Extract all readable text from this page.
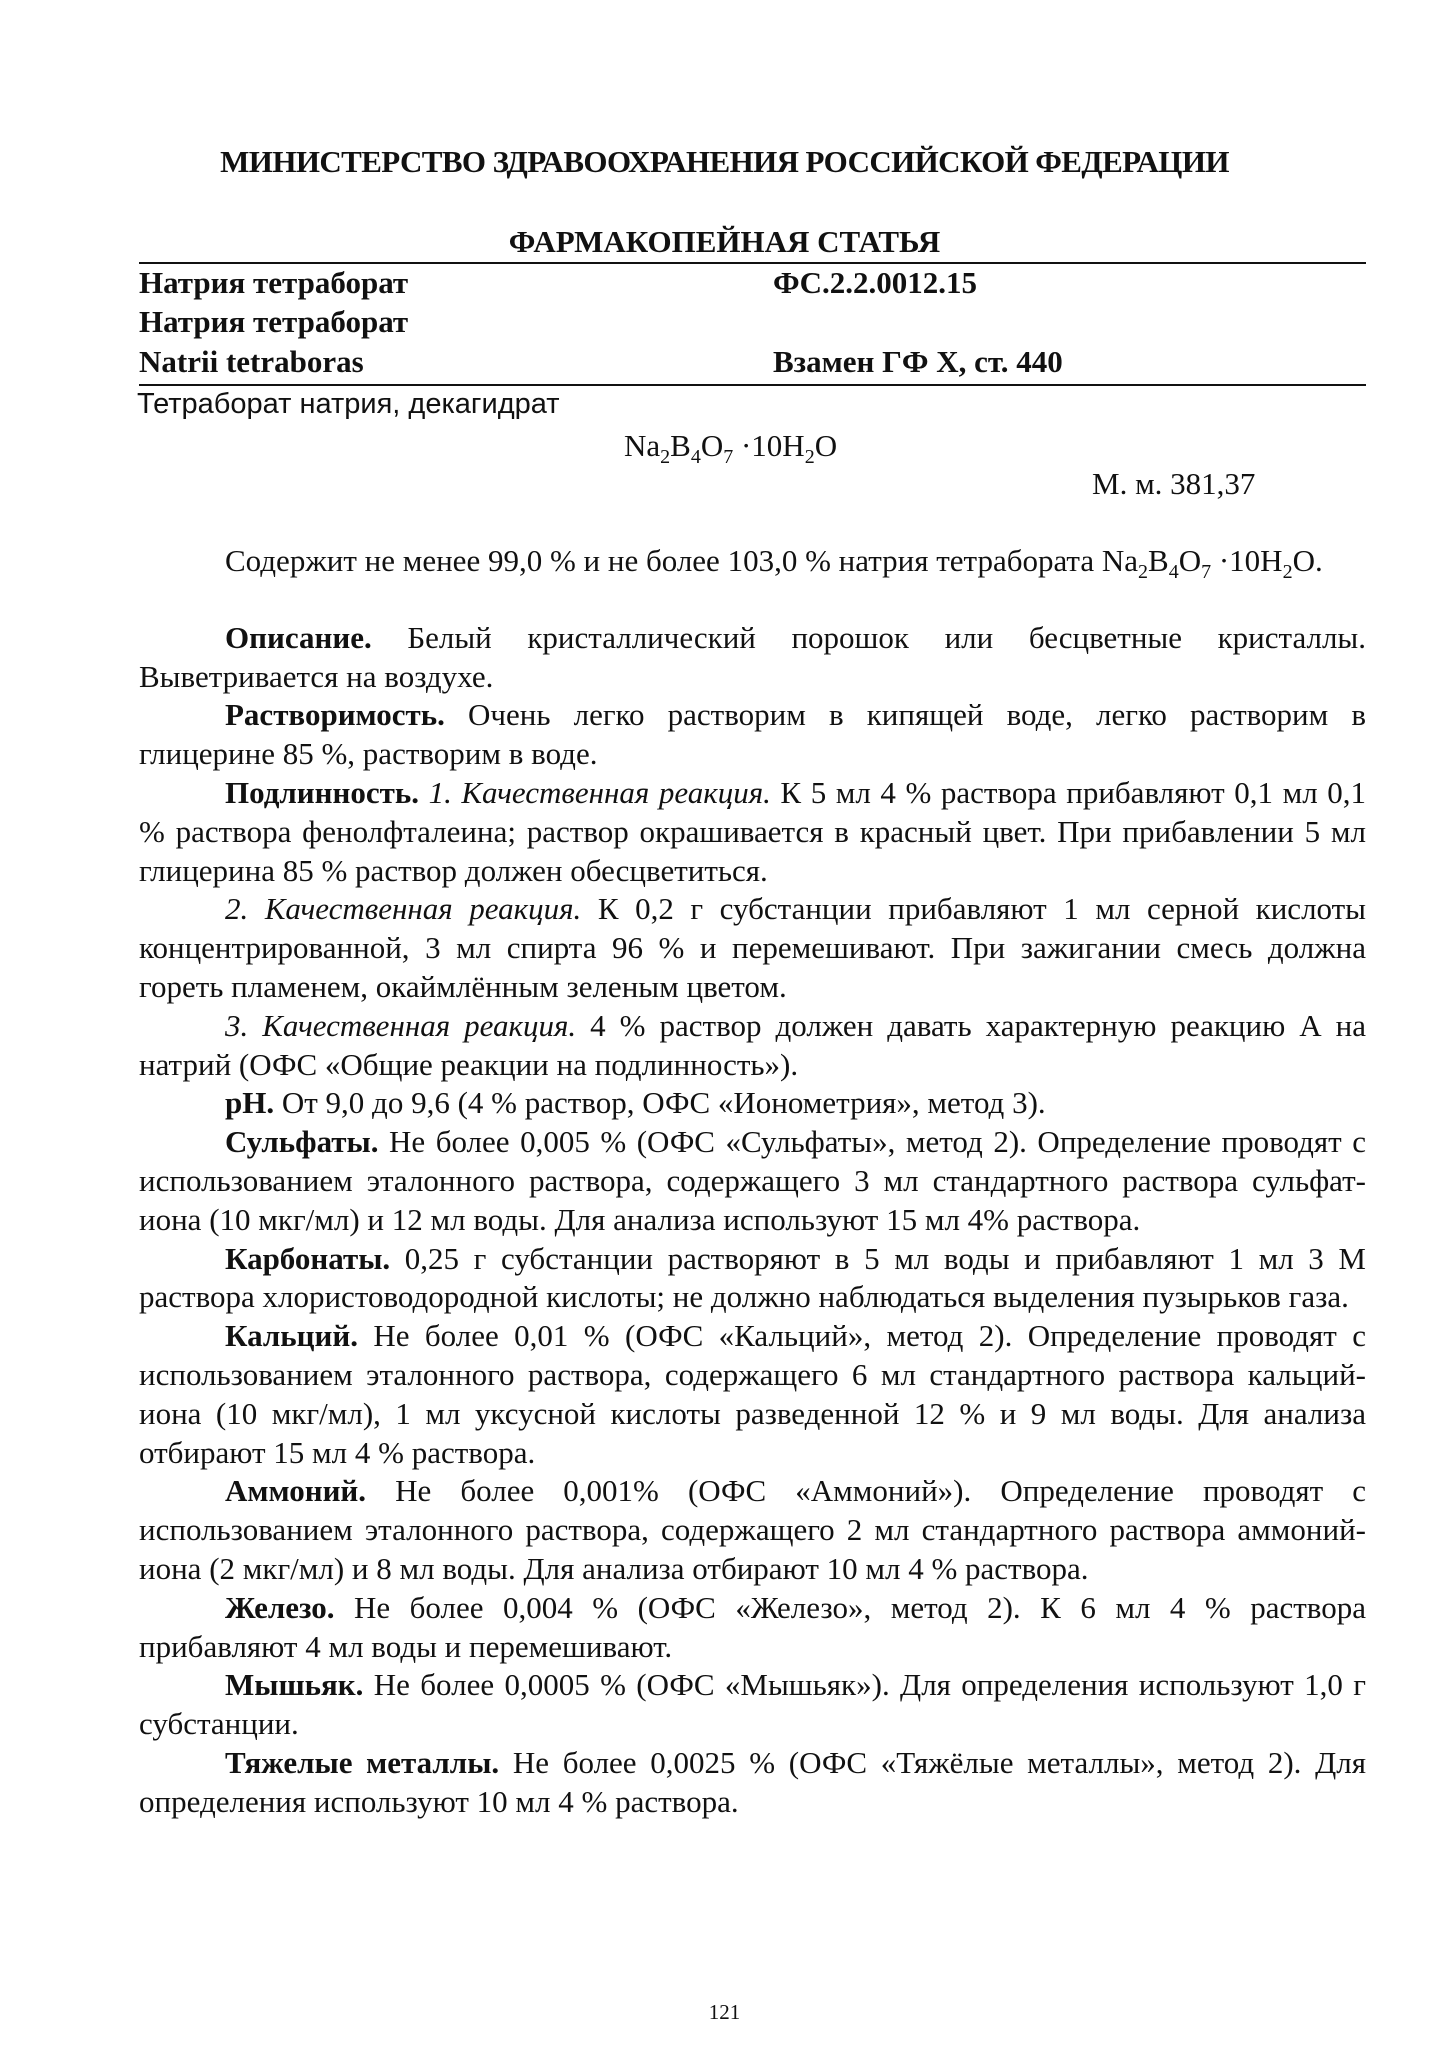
МИНИСТЕРСТВО ЗДРАВООХРАНЕНИЯ РОССИЙСКОЙ ФЕДЕРАЦИИ
ФАРМАКОПЕЙНАЯ СТАТЬЯ
Натрия тетраборат	ФС.2.2.0012.15
Натрия тетраборат
Natrii tetraboras	Взамен ГФ X, ст. 440
Тетраборат натрия, декагидрат
$Na_2B_4O_7 \cdot 10H_2O$
М. м. 381,37

Содержит не менее 99,0 % и не более 103,0 % натрия тетрабората $Na_2B_4O_7 \cdot 10H_2O$.

Описание. Белый кристаллический порошок или бесцветные кристаллы. Выветривается на воздухе.

Растворимость. Очень легко растворим в кипящей воде, легко растворим в глицерине 85 %, растворим в воде.

Подлинность. 1. Качественная реакция. К 5 мл 4 % раствора прибавляют 0,1 мл 0,1 % раствора фенолфталеина; раствор окрашивается в красный цвет. При прибавлении 5 мл глицерина 85 % раствор должен обесцветиться.

2. Качественная реакция. К 0,2 г субстанции прибавляют 1 мл серной кислоты концентрированной, 3 мл спирта 96 % и перемешивают. При зажигании смесь должна гореть пламенем, окаймлённым зеленым цветом.

3. Качественная реакция. 4 % раствор должен давать характерную реакцию А на натрий (ОФС «Общие реакции на подлинность»).

pH. От 9,0 до 9,6 (4 % раствор, ОФС «Ионометрия», метод 3).

Сульфаты. Не более 0,005 % (ОФС «Сульфаты», метод 2). Определение проводят с использованием эталонного раствора, содержащего 3 мл стандартного раствора сульфат-иона (10 мкг/мл) и 12 мл воды. Для анализа используют 15 мл 4% раствора.

Карбонаты. 0,25 г субстанции растворяют в 5 мл воды и прибавляют 1 мл 3 М раствора хлористоводородной кислоты; не должно наблюдаться выделения пузырьков газа.

Кальций. Не более 0,01 % (ОФС «Кальций», метод 2). Определение проводят с использованием эталонного раствора, содержащего 6 мл стандартного раствора кальций-иона (10 мкг/мл), 1 мл уксусной кислоты разведенной 12 % и 9 мл воды. Для анализа отбирают 15 мл 4 % раствора.

Аммоний. Не более 0,001% (ОФС «Аммоний»). Определение проводят с использованием эталонного раствора, содержащего 2 мл стандартного раствора аммоний-иона (2 мкг/мл) и 8 мл воды. Для анализа отбирают 10 мл 4 % раствора.

Железо. Не более 0,004 % (ОФС «Железо», метод 2). К 6 мл 4 % раствора прибавляют 4 мл воды и перемешивают.

Мышьяк. Не более 0,0005 % (ОФС «Мышьяк»). Для определения используют 1,0 г субстанции.

Тяжелые металлы. Не более 0,0025 % (ОФС «Тяжёлые металлы», метод 2). Для определения используют 10 мл 4 % раствора.

121
